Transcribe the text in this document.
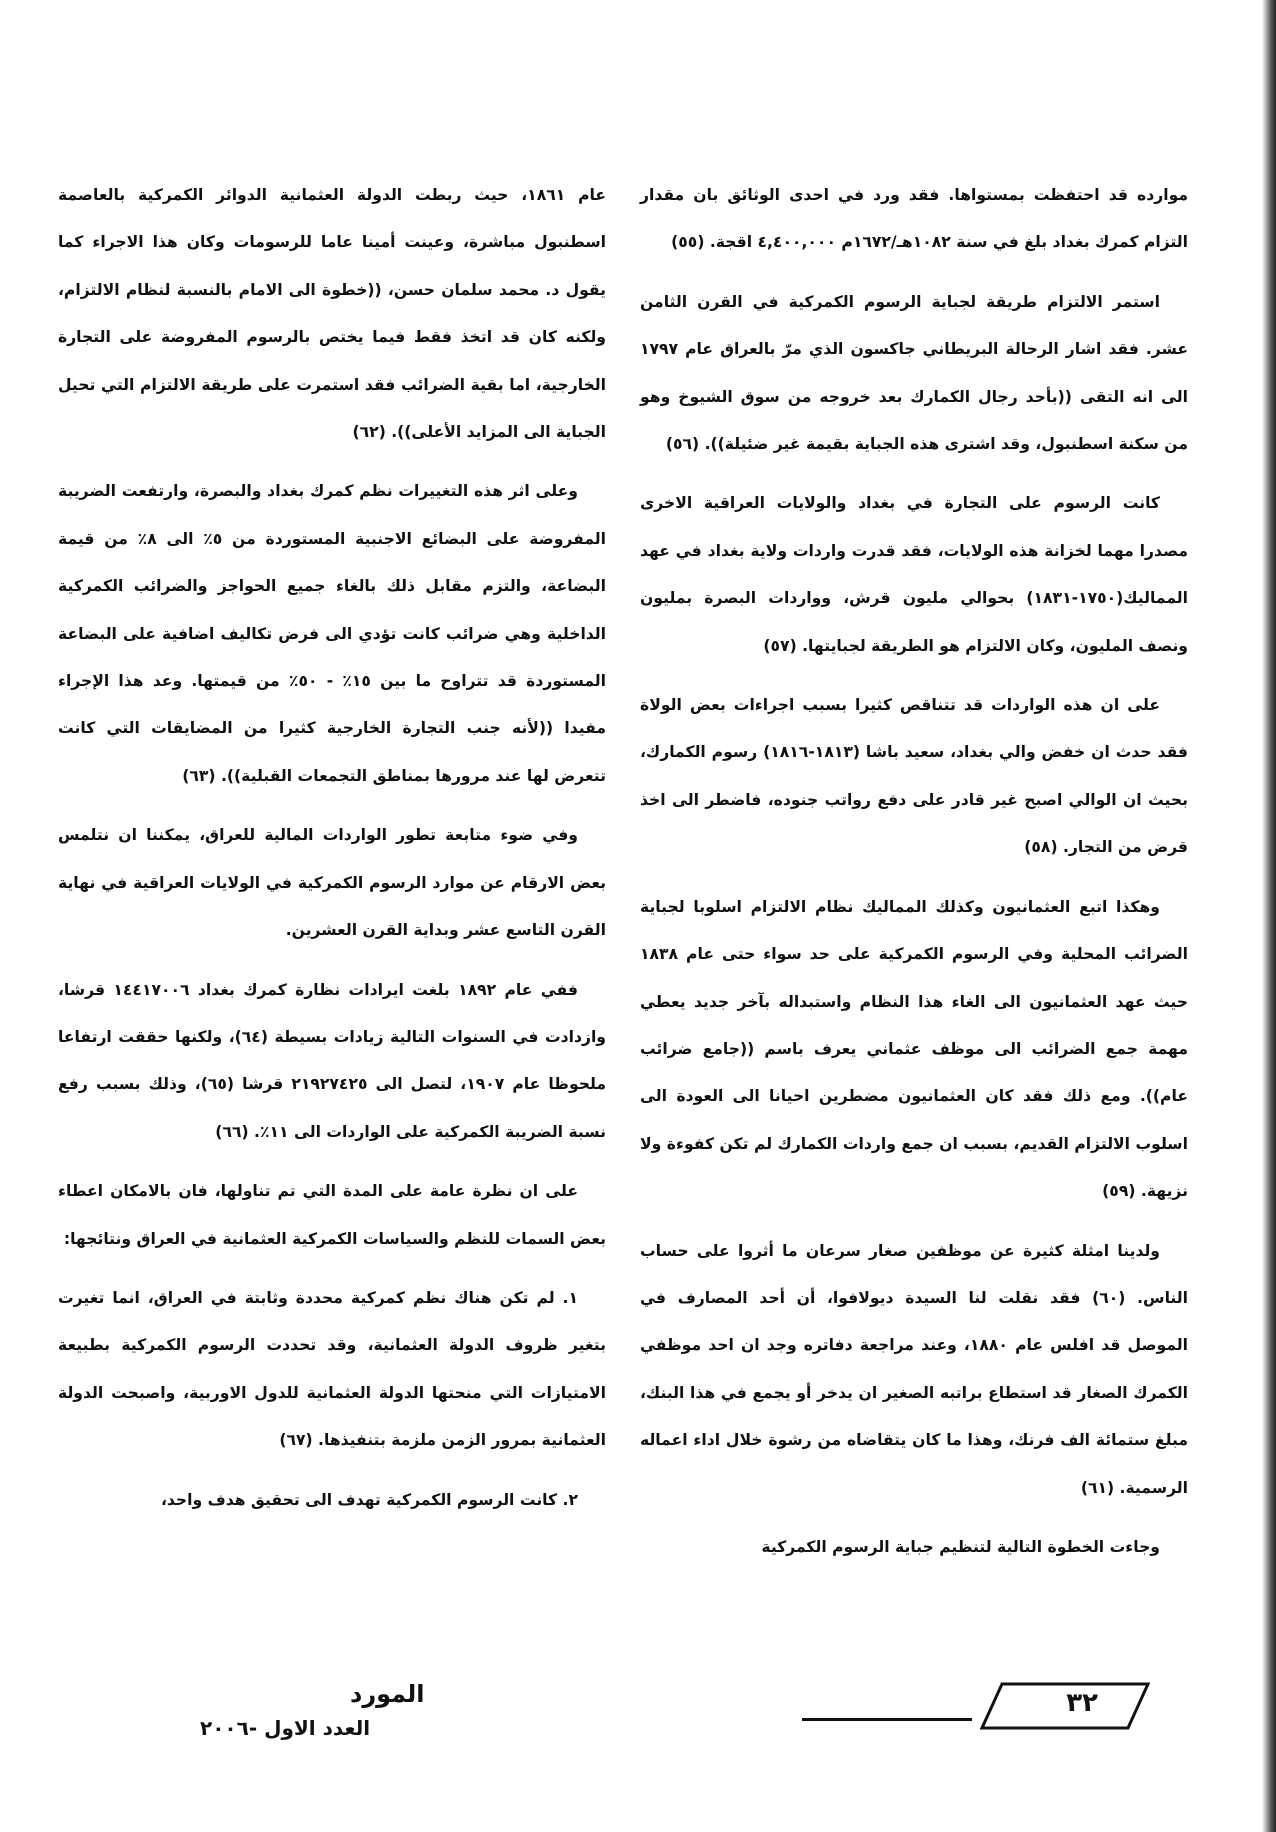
موارده قد احتفظت بمستواها. فقد ورد في احدى الوثائق بان مقدار التزام كمرك بغداد بلغ في سنة ١٠٨٢هـ/١٦٧٢م ٤,٤٠٠,٠٠٠ اقجة. (٥٥)

استمر الالتزام طريقة لجباية الرسوم الكمركية في القرن الثامن عشر. فقد اشار الرحالة البريطاني جاكسون الذي مرّ بالعراق عام ١٧٩٧ الى انه التقى ((بأحد رجال الكمارك بعد خروجه من سوق الشيوخ وهو من سكنة اسطنبول، وقد اشترى هذه الجباية بقيمة غير ضئيلة)). (٥٦)

كانت الرسوم على التجارة في بغداد والولايات العراقية الاخرى مصدرا مهما لخزانة هذه الولايات، فقد قدرت واردات ولاية بغداد في عهد المماليك(١٧٥٠-١٨٣١) بحوالي مليون قرش، وواردات البصرة بمليون ونصف المليون، وكان الالتزام هو الطريقة لجبايتها. (٥٧)

على ان هذه الواردات قد تتناقص كثيرا بسبب اجراءات بعض الولاة فقد حدث ان خفض والي بغداد، سعيد باشا (١٨١٣-١٨١٦) رسوم الكمارك، بحيث ان الوالي اصبح غير قادر على دفع رواتب جنوده، فاضطر الى اخذ قرض من التجار. (٥٨)

وهكذا اتبع العثمانيون وكذلك المماليك نظام الالتزام اسلوبا لجباية الضرائب المحلية وفي الرسوم الكمركية على حد سواء حتى عام ١٨٣٨ حيث عهد العثمانيون الى الغاء هذا النظام واستبداله بآخر جديد يعطي مهمة جمع الضرائب الى موظف عثماني يعرف باسم ((جامع ضرائب عام)). ومع ذلك فقد كان العثمانيون مضطرين احيانا الى العودة الى اسلوب الالتزام القديم، بسبب ان جمع واردات الكمارك لم تكن كفوءة ولا نزيهة. (٥٩)

ولدينا امثلة كثيرة عن موظفين صغار سرعان ما أثروا على حساب الناس. (٦٠) فقد نقلت لنا السيدة ديولافوا، أن أحد المصارف في الموصل قد افلس عام ١٨٨٠، وعند مراجعة دفاتره وجد ان احد موظفي الكمرك الصغار قد استطاع براتبه الصغير ان يدخر أو يجمع في هذا البنك، مبلغ ستمائة الف فرنك، وهذا ما كان يتقاضاه من رشوة خلال اداء اعماله الرسمية. (٦١)

وجاءت الخطوة التالية لتنظيم جباية الرسوم الكمركية

عام ١٨٦١، حيث ربطت الدولة العثمانية الدوائر الكمركية بالعاصمة اسطنبول مباشرة، وعينت أمينا عاما للرسومات وكان هذا الاجراء كما يقول د. محمد سلمان حسن، ((خطوة الى الامام بالنسبة لنظام الالتزام، ولكنه كان قد اتخذ فقط فيما يختص بالرسوم المفروضة على التجارة الخارجية، اما بقية الضرائب فقد استمرت على طريقة الالتزام التي تحيل الجباية الى المزايد الأعلى)). (٦٢)

وعلى اثر هذه التغييرات نظم كمرك بغداد والبصرة، وارتفعت الضريبة المفروضة على البضائع الاجنبية المستوردة من ٥٪ الى ٨٪ من قيمة البضاعة، والتزم مقابل ذلك بالغاء جميع الحواجز والضرائب الكمركية الداخلية وهي ضرائب كانت تؤدي الى فرض تكاليف اضافية على البضاعة المستوردة قد تتراوح ما بين ١٥٪ - ٥٠٪ من قيمتها. وعد هذا الإجراء مفيدا ((لأنه جنب التجارة الخارجية كثيرا من المضايقات التي كانت تتعرض لها عند مرورها بمناطق التجمعات القبلية)). (٦٣)

وفي ضوء متابعة تطور الواردات المالية للعراق، يمكننا ان نتلمس بعض الارقام عن موارد الرسوم الكمركية في الولايات العراقية في نهاية القرن التاسع عشر وبداية القرن العشرين.

ففي عام ١٨٩٢ بلغت ايرادات نظارة كمرك بغداد ١٤٤١٧٠٠٦ قرشا، وازدادت في السنوات التالية زيادات بسيطة (٦٤)، ولكنها حققت ارتفاعا ملحوظا عام ١٩٠٧، لتصل الى ٢١٩٢٧٤٢٥ قرشا (٦٥)، وذلك بسبب رفع نسبة الضريبة الكمركية على الواردات الى ١١٪. (٦٦)

على ان نظرة عامة على المدة التي تم تناولها، فان بالامكان اعطاء بعض السمات للنظم والسياسات الكمركية العثمانية في العراق ونتائجها:

١. لم تكن هناك نظم كمركية محددة وثابتة في العراق، انما تغيرت بتغير ظروف الدولة العثمانية، وقد تحددت الرسوم الكمركية بطبيعة الامتيازات التي منحتها الدولة العثمانية للدول الاوربية، واصبحت الدولة العثمانية بمرور الزمن ملزمة بتنفيذها. (٦٧)

٢. كانت الرسوم الكمركية تهدف الى تحقيق هدف واحد،

٣٢
المورد
العدد الاول -٢٠٠٦
